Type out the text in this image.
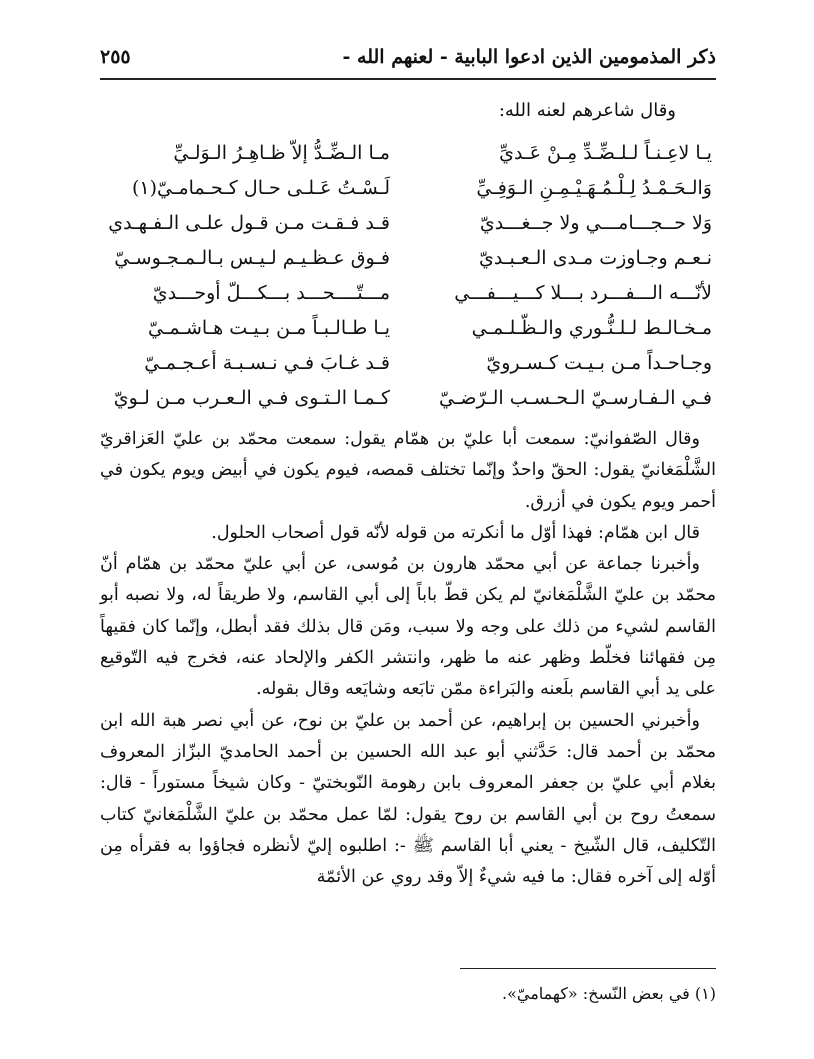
ذكر المذمومين الذين ادعوا البابية - لعنهم الله -
٢٥٥

وقال شاعرهم لعنه الله:

يـا لاعِـنـاً لـلـضِّـدِّ مِـنْ عَـديِّ
مـا الـضِّـدُّ إلاّ ظـاهِـرُ الـوَلـيِّ
وَالـحَـمْـدُ لِـلْـمُـهَـيْـمِـنِ الـوَفِـيِّ
لَـسْـتُ عَـلـى حـال كـحـمامـيّ(١)
وَلا حــجـــامـــي ولا جــغـــديّ
قـد فـقـت مـن قـول علـى الـفـهـدي
نـعـم وجـاوزت مـدى الـعـبـديّ
فـوق عـظـيـم لـيـس بـالـمـجـوسـيّ
لأنّـــه الـــفـــرد بـــلا كـــيـــفـــي
مـــتّــــحـــد بـــكـــلّ أوحـــديّ
مـخـالـط لـلـنُّـوري والـظّـلـمـي
يـا طـالـبـاً مـن بـيـت هـاشـمـيّ
وجـاحـداً مـن بـيـت كـسـرويّ
قـد غـابَ فـي نـسـبـة أعـجـمـيّ
فـي الـفـارسـيّ الـحـسـب الـرّضـيّ
كـمـا الـتـوى فـي الـعـرب مـن لـويّ

وقال الصّفوانيّ: سمعت أبا عليّ بن همّام يقول: سمعت محمّد بن عليّ العَزاقريّ الشَّلْمَغانيّ يقول: الحقّ واحدٌ وإنّما تختلف قمصه، فيوم يكون في أبيض ويوم يكون في أحمر ويوم يكون في أزرق.

قال ابن همّام: فهذا أوّل ما أنكرته من قوله لأنّه قول أصحاب الحلول.

وأخبرنا جماعة عن أبي محمّد هارون بن مُوسى، عن أبي عليّ محمّد بن همّام أنّ محمّد بن عليّ الشَّلْمَغانيّ لم يكن قطّ باباً إلى أبي القاسم، ولا طريقاً له، ولا نصبه أبو القاسم لشيء من ذلك على وجه ولا سبب، ومَن قال بذلك فقد أبطل، وإنّما كان فقيهاً مِن فقهائنا فخلّط وظهر عنه ما ظهر، وانتشر الكفر والإلحاد عنه، فخرج فيه التّوقيع على يد أبي القاسم بلَعنه والبَراءة ممّن تابَعه وشايَعه وقال بقوله.

وأخبرني الحسين بن إبراهيم، عن أحمد بن عليّ بن نوح، عن أبي نصر هبة الله ابن محمّد بن أحمد قال: حَدَّثني أبو عبد الله الحسين بن أحمد الحامديّ البزّاز المعروف بغلام أبي عليّ بن جعفر المعروف بابن رهومة النّوبختيّ - وكان شيخاً مستوراً - قال: سمعتُ روح بن أبي القاسم بن روح يقول: لمّا عمل محمّد بن عليّ الشَّلْمَغانيّ كتاب التّكليف، قال الشّيخ - يعني أبا القاسم ﷺ -: اطلبوه إليّ لأنظره فجاؤوا به فقرأه مِن أوّله إلى آخره فقال: ما فيه شيءٌ إلاّ وقد روي عن الأئمّة

(١) في بعض النّسخ: «كهماميّ».
